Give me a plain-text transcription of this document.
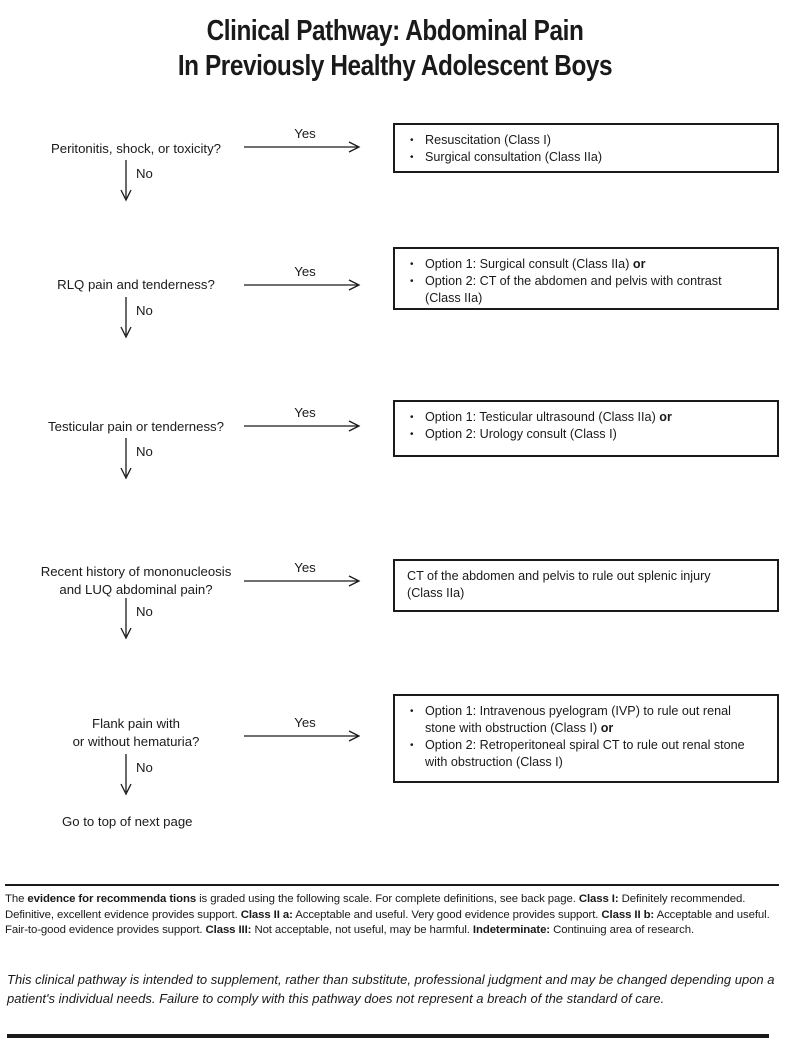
Clinical Pathway: Abdominal Pain
In Previously Healthy Adolescent Boys
Peritonitis, shock, or toxicity?
Yes
No
• Resuscitation (Class I)
• Surgical consultation (Class IIa)
RLQ pain and tenderness?
Yes
No
• Option 1: Surgical consult (Class IIa) or
• Option 2: CT of the abdomen and pelvis with contrast
(Class IIa)
Testicular pain or tenderness?
Yes
No
• Option 1: Testicular ultrasound (Class IIa) or
• Option 2: Urology consult (Class I)
Recent history of mononucleosis
and LUQ abdominal pain?
Yes
No
CT of the abdomen and pelvis to rule out splenic injury
(Class IIa)
Flank pain with
or without hematuria?
Yes
No
• Option 1: Intravenous pyelogram (IVP) to rule out renal
stone with obstruction (Class I) or
• Option 2: Retroperitoneal spiral CT to rule out renal stone
with obstruction (Class I)
Go to top of next page
The evidence for recommenda tions is graded using the following scale. For complete definitions, see back page. Class I: Definitely recommended.
Definitive, excellent evidence provides support. Class II a: Acceptable and useful. Very good evidence provides support. Class II b: Acceptable and useful.
Fair-to-good evidence provides support. Class III: Not acceptable, not useful, may be harmful. Indeterminate: Continuing area of research.
This clinical pathway is intended to supplement, rather than substitute, professional judgment and may be changed depending upon a
patient's individual needs. Failure to comply with this pathway does not represent a breach of the standard of care.
